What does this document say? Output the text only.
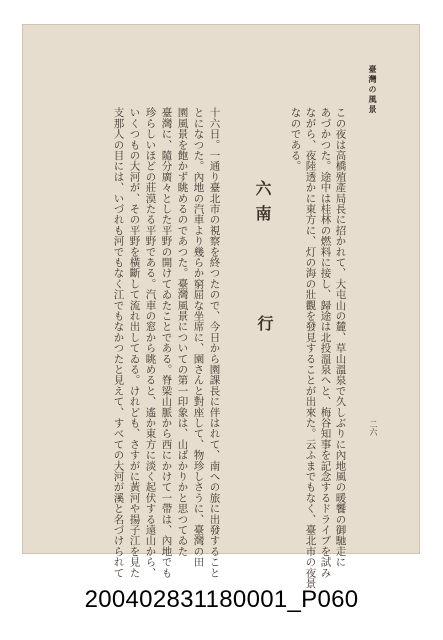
臺灣の風景
二六
この夜は高橋殖產局長に招かれて、大屯山の麓、草山溫泉で久しぶりに內地風の暖饗の御馳走に
あづかつた。途中は桂林の燃料に接し、歸途は北投溫泉へと、梅谷知事を記念するドライブを試み
ながら、夜陸透かに東方に、灯の海の壯觀を發見することが出來た。云ふまでもなく、臺北市の夜景
なのである。
六南
行
十六日。一通り臺北市の視察を終つたので、今日から園課長に伴はれて、南への旅に出發すること
とになつた。內地の汽車より幾らか窮屈な坐席に、園さんと對座して、物珍しさうに、臺灣の田
園風景を飽かず眺めるのであつた。臺灣風景についての第一印象は、山ばかりかと思つてゐた
臺灣に、隨分廣々とした平野の開けてゐたことである。脊梁山脈から西にかけて一帶は、內地でも
珍らしいほどの莊漠たる平野である。汽車の窓から眺めると、遙か東方に淡く起伏する遠山から、
いくつもの大河が、その平野を橫斷して流れ出してゐる。けれども、さすがに黃河や揚子江を見た
支那人の目には、いづれも河でもなく江でもなかつたと見えて、すべての大河が溪と名づけられて
200402831180001_P060
